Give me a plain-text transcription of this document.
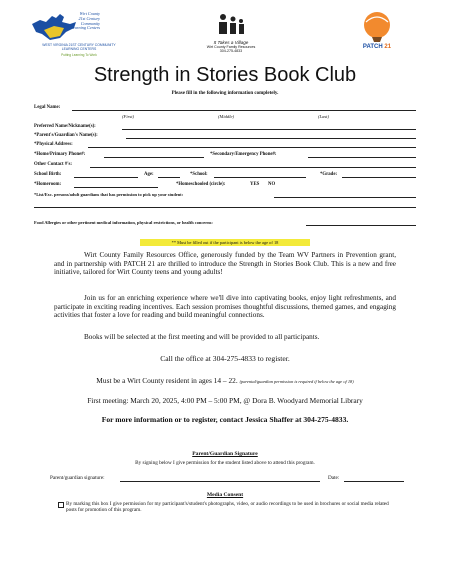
Wirt County
21st Century
Community
Learning Centers
WEST VIRGINIA 21ST CENTURY COMMUNITY LEARNING CENTERS
Putting Learning To Work
It Takes a Village
Wirt County Family Resources
304-275-4833
PATCH 21
Strength in Stories Book Club
Please fill in the following information completely.
Legal Name:
(First)	(Middle)	(Last)
Preferred Name/Nickname(s):
*Parent's/Guardian's Name(s):
*Physical Address:
*Home/Primary Phone#:	*Secondary/Emergency Phone#:
Other Contact #'s:
School Birth:	Age:	*School:	*Grade:
*Homeroom:	*Homeschooled (circle):	YES NO
*List/Exc. persons/adult guardians that has permission to pick up your student:
Food Allergies or other pertinent medical information, physical restrictions, or health concerns:
** Must be filled out if the participant is below the age of 18
Wirt County Family Resources Office, generously funded by the Team WV Partners in Prevention grant, and in partnership with PATCH 21 are thrilled to introduce the Strength in Stories Book Club. This is a new and free initiative, tailored for Wirt County teens and young adults!
Join us for an enriching experience where we'll dive into captivating books, enjoy light refreshments, and participate in exciting reading incentives. Each session promises thoughtful discussions, themed games, and engaging activities that foster a love for reading and build meaningful connections.
Books will be selected at the first meeting and will be provided to all participants.
Call the office at 304-275-4833 to register.
Must be a Wirt County resident in ages 14 – 22. (parental/guardian permission is required if below the age of 18)
First meeting: March 20, 2025, 4:00 PM – 5:00 PM, @ Dora B. Woodyard Memorial Library
For more information or to register, contact Jessica Shaffer at 304-275-4833.
Parent/Guardian Signature
By signing below I give permission for the student listed above to attend this program.
Parent/guardian signature:	Date:
Media Consent
By marking this box I give permission for my participant's/student's photographs, video, or audio recordings to be used in brochures or social media related posts for promotion of this program.
